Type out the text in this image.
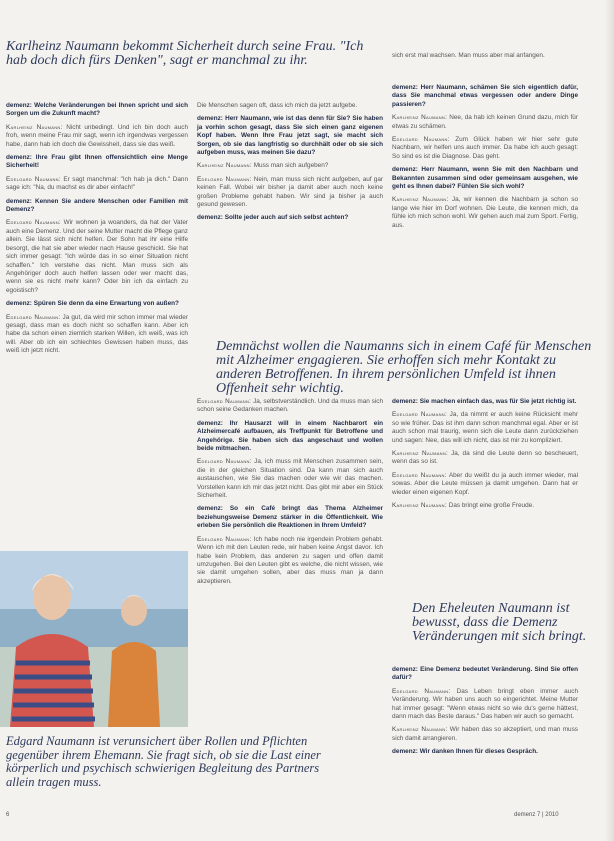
Karlheinz Naumann bekommt Sicherheit durch seine Frau. "Ich hab doch dich fürs Denken", sagt er manchmal zu ihr.

demenz: Welche Veränderungen bei Ihnen spricht und sich Sorgen um die Zukunft macht?

Karlheinz Naumann: Nicht unbedingt. Und ich bin doch auch froh, wenn meine Frau mir sagt, wenn ich irgendwas vergessen habe, dann hab ich doch die Gewissheit, dass sie das weiß.

demenz: Ihre Frau gibt Ihnen offensichtlich eine Menge Sicherheit!

Edelgard Naumann: Er sagt manchmal: "Ich hab ja dich." Dann sage ich: "Na, du machst es dir aber einfach!"

demenz: Kennen Sie andere Menschen oder Familien mit Demenz?

Edelgard Naumann: Wir wohnen ja woanders, da hat der Vater auch eine Demenz. Und der seine Mutter macht die Pflege ganz allein. Sie lässt sich nicht helfen. Der Sohn hat ihr eine Hilfe besorgt, die hat sie aber wieder nach Hause geschickt. Sie hat sich immer gesagt: "Ich würde das in so einer Situation nicht schaffen." Ich verstehe das nicht. Man muss sich als Angehöriger doch auch helfen lassen oder wer macht das, wenn sie es nicht mehr kann? Oder bin ich da einfach zu egoistisch?

demenz: Spüren Sie denn da eine Erwartung von außen?

Edelgard Naumann: Ja gut, da wird mir schon immer mal wieder gesagt, dass man es doch nicht so schaffen kann. Aber ich habe da schon einen ziemlich starken Willen, ich weiß, was ich will. Aber ob ich ein schlechtes Gewissen haben muss, das weiß ich jetzt nicht.

Die Menschen sagen oft, dass ich mich da jetzt aufgebe.

demenz: Herr Naumann, wie ist das denn für Sie? Sie haben ja vorhin schon gesagt, dass Sie sich einen ganz eigenen Kopf haben. Wenn Ihre Frau jetzt sagt, sie macht sich Sorgen, ob sie das langfristig so durchhält oder ob sie sich aufgeben muss, was meinen Sie dazu?

Karlheinz Naumann: Muss man sich aufgeben?

Edelgard Naumann: Nein, man muss sich nicht aufgeben, auf gar keinen Fall. Wobei wir bisher ja damit aber auch noch keine großen Probleme gehabt haben. Wir sind ja bisher ja auch gesund gewesen.

demenz: Sollte jeder auch auf sich selbst achten?

sich erst mal wachsen. Man muss aber mal anfangen.

demenz: Herr Naumann, schämen Sie sich eigentlich dafür, dass Sie manchmal etwas vergessen oder andere Dinge passieren?

Karlheinz Naumann: Nee, da hab ich keinen Grund dazu, mich für etwas zu schämen.

Edelgard Naumann: Zum Glück haben wir hier sehr gute Nachbarn, wir helfen uns auch immer. Da habe ich auch gesagt: So sind es ist die Diagnose. Das geht.

demenz: Herr Naumann, wenn Sie mit den Nachbarn und Bekannten zusammen sind oder gemeinsam ausgehen, wie geht es Ihnen dabei? Fühlen Sie sich wohl?

Karlheinz Naumann: Ja, wir kennen die Nachbarn ja schon so lange wie hier im Dorf wohnen. Die Leute, die kennen mich, da fühle ich mich schon wohl. Wir gehen auch mal zum Sport. Fertig, aus.

Demnächst wollen die Naumanns sich in einem Café für Menschen mit Alzheimer engagieren. Sie erhoffen sich mehr Kontakt zu anderen Betroffenen. In ihrem persönlichen Umfeld ist ihnen Offenheit sehr wichtig.

Edelgard Naumann: Ja, selbstverständlich. Und da muss man sich schon seine Gedanken machen.

demenz: Ihr Hausarzt will in einem Nachbarort ein Alzheimercafé aufbauen, als Treffpunkt für Betroffene und Angehörige. Sie haben sich das angeschaut und wollen beide mitmachen.

Edelgard Naumann: Ja, ich muss mit Menschen zusammen sein, die in der gleichen Situation sind. Da kann man sich auch austauschen, wie Sie das machen oder wie wir das machen. Vorstellen kann ich mir das jetzt nicht. Das gibt mir aber ein Stück Sicherheit.

demenz: So ein Café bringt das Thema Alzheimer beziehungsweise Demenz stärker in die Öffentlichkeit. Wie erleben Sie persönlich die Reaktionen in Ihrem Umfeld?

Edelgard Naumann: Ich habe noch nie irgendein Problem gehabt. Wenn ich mit den Leuten rede, wir haben keine Angst davor. Ich habe kein Problem, das anderen zu sagen und offen damit umzugehen. Bei den Leuten gibt es welche, die nicht wissen, wie sie damit umgehen sollen, aber das muss man ja dann akzeptieren.

demenz: Sie machen einfach das, was für Sie jetzt richtig ist.

Edelgard Naumann: Ja, da nimmt er auch keine Rücksicht mehr so wie früher. Das ist ihm dann schon manchmal egal. Aber er ist auch schon mal traurig, wenn sich die Leute dann zurückziehen und sagen: Nee, das will ich nicht, das ist mir zu kompliziert.

Karlheinz Naumann: Ja, da sind die Leute denn so bescheuert, wenn das so ist.

Edelgard Naumann: Aber du weißt du ja auch immer wieder, mal sowas. Aber die Leute müssen ja damit umgehen. Dann hat er wieder einen eigenen Kopf.

Karlheinz Naumann: Das bringt eine große Freude.

Den Eheleuten Naumann ist bewusst, dass die Demenz Veränderungen mit sich bringt.

demenz: Eine Demenz bedeutet Veränderung. Sind Sie offen dafür?

Edelgard Naumann: Das Leben bringt eben immer auch Veränderung. Wir haben uns auch so eingerichtet. Meine Mutter hat immer gesagt: "Wenn etwas nicht so wie du's gerne hättest, dann mach das Beste daraus." Das haben wir auch so gemacht.

Karlheinz Naumann: Wir haben das so akzeptiert, und man muss sich damit arrangieren.

demenz: Wir danken Ihnen für dieses Gespräch.

Edgard Naumann ist verunsichert über Rollen und Pflichten gegenüber ihrem Ehemann. Sie fragt sich, ob sie die Last einer körperlich und psychisch schwierigen Begleitung des Partners allein tragen muss.

6	demenz 7 | 2010
